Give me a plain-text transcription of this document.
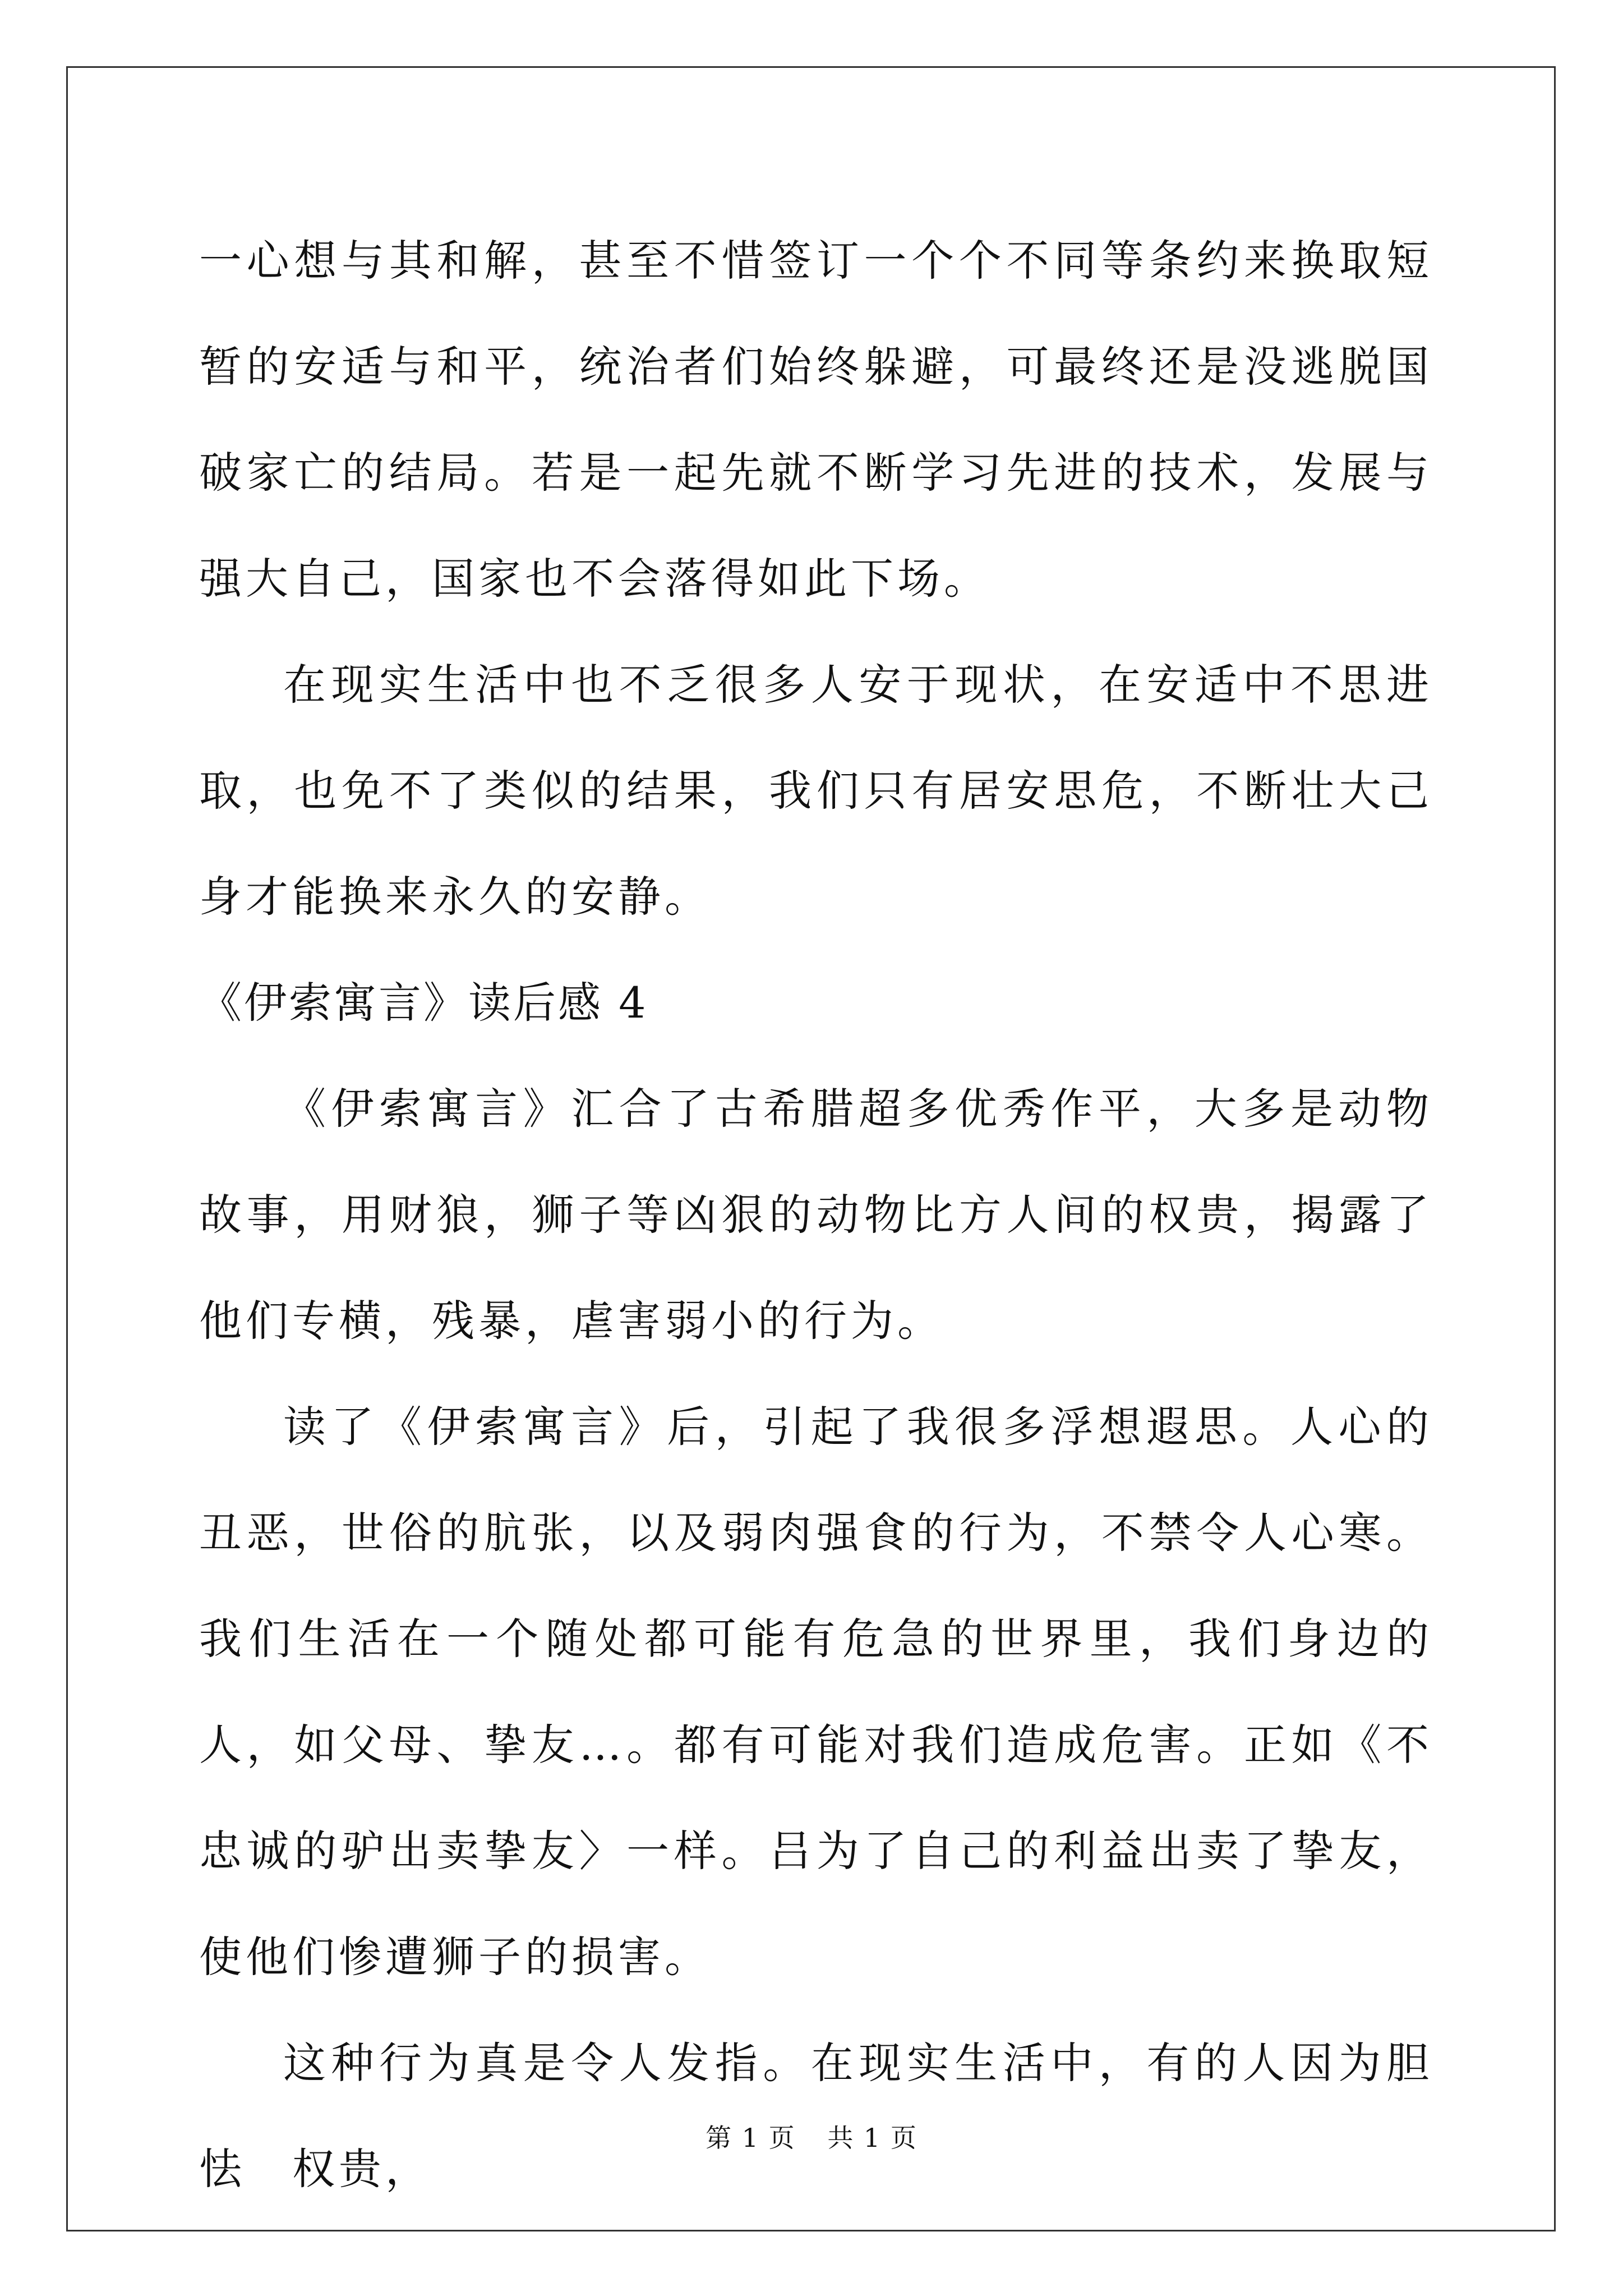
一心想与其和解，甚至不惜签订一个个不同等条约来换取短暂的安适与和平，统治者们始终躲避，可最终还是没逃脱国破家亡的结局。若是一起先就不断学习先进的技术，发展与强大自己，国家也不会落得如此下场。

在现实生活中也不乏很多人安于现状，在安适中不思进取，也免不了类似的结果，我们只有居安思危，不断壮大己身才能换来永久的安静。

《伊索寓言》读后感 4

《伊索寓言》汇合了古希腊超多优秀作平，大多是动物故事，用财狼，狮子等凶狠的动物比方人间的权贵，揭露了他们专横，残暴，虐害弱小的行为。

读了《伊索寓言》后，引起了我很多浮想遐思。人心的丑恶，世俗的肮张，以及弱肉强食的行为，不禁令人心寒。我们生活在一个随处都可能有危急的世界里，我们身边的人，如父母、挚友…。都有可能对我们造成危害。正如《不忠诚的驴出卖挚友〉一样。吕为了自己的利益出卖了挚友，使他们惨遭狮子的损害。

这种行为真是令人发指。在现实生活中，有的人因为胆怯　权贵，

第 1 页 共 1 页
